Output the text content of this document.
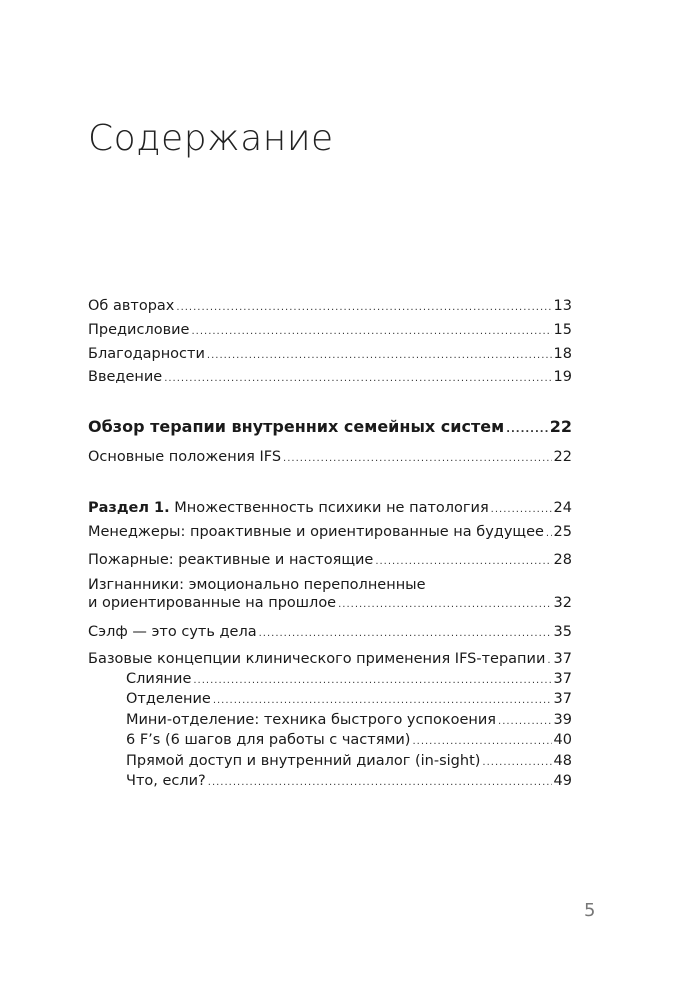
Содержание
Об авторах .....	13
Предисловие .....	15
Благодарности .....	18
Введение .....	19
Обзор терапии внутренних семейных систем .....	22
Основные положения IFS .....	22
Раздел 1. Множественность психики не патология .....	24
Менеджеры: проактивные и ориентированные на будущее ..... 25
Пожарные: реактивные и настоящие .....	28
Изгнанники: эмоционально переполненные
и ориентированные на прошлое .....	32
Сэлф — это суть дела .....	35
Базовые концепции клинического применения IFS-терапии ..... 37
Слияние .....	37
Отделение .....	37
Мини-отделение: техника быстрого успокоения .....	39
6 F’s (6 шагов для работы с частями) .....	40
Прямой доступ и внутренний диалог (in-sight) .....	48
Что, если? .....	49
5
